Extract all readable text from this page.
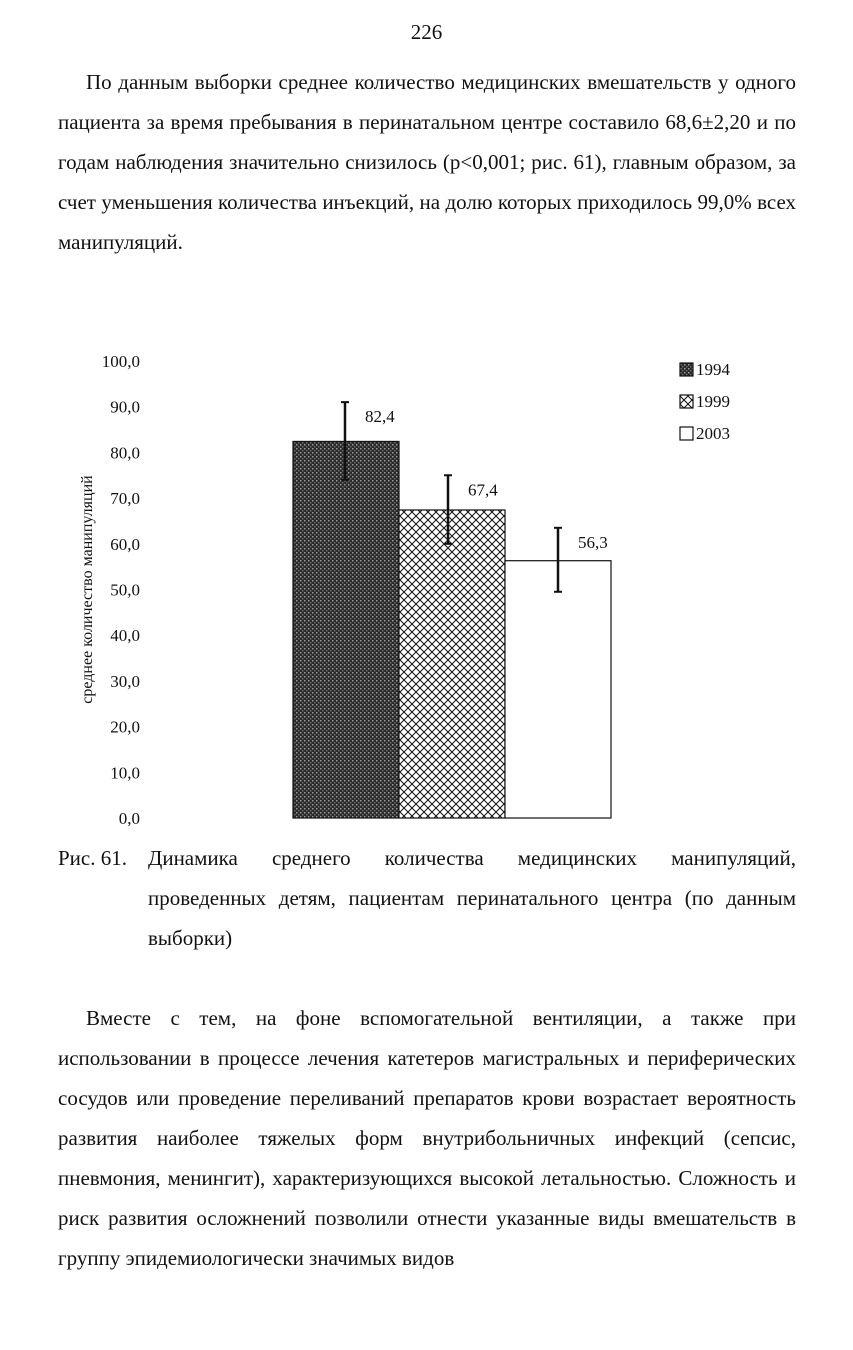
226

По данным выборки среднее количество медицинских вмешательств у одного пациента за время пребывания в перинатальном центре составило 68,6±2,20 и по годам наблюдения значительно снизилось (p<0,001; рис. 61), главным образом, за счет уменьшения количества инъекций, на долю которых приходилось 99,0% всех манипуляций.

среднее количество манипуляций
0,0
10,0
20,0
30,0
40,0
50,0
60,0
70,0
80,0
90,0
100,0
82,4
67,4
56,3
1994
1999
2003
Рис. 61.	Динамика среднего количества медицинских манипуляций, проведенных детям, пациентам перинатального центра (по данным выборки)

Вместе с тем, на фоне вспомогательной вентиляции, а также при использовании в процессе лечения катетеров магистральных и периферических сосудов или проведение переливаний препаратов крови возрастает вероятность развития наиболее тяжелых форм внутрибольничных инфекций (сепсис, пневмония, менингит), характеризующихся высокой летальностью. Сложность и риск развития осложнений позволили отнести указанные виды вмешательств в группу эпидемиологически значимых видов
